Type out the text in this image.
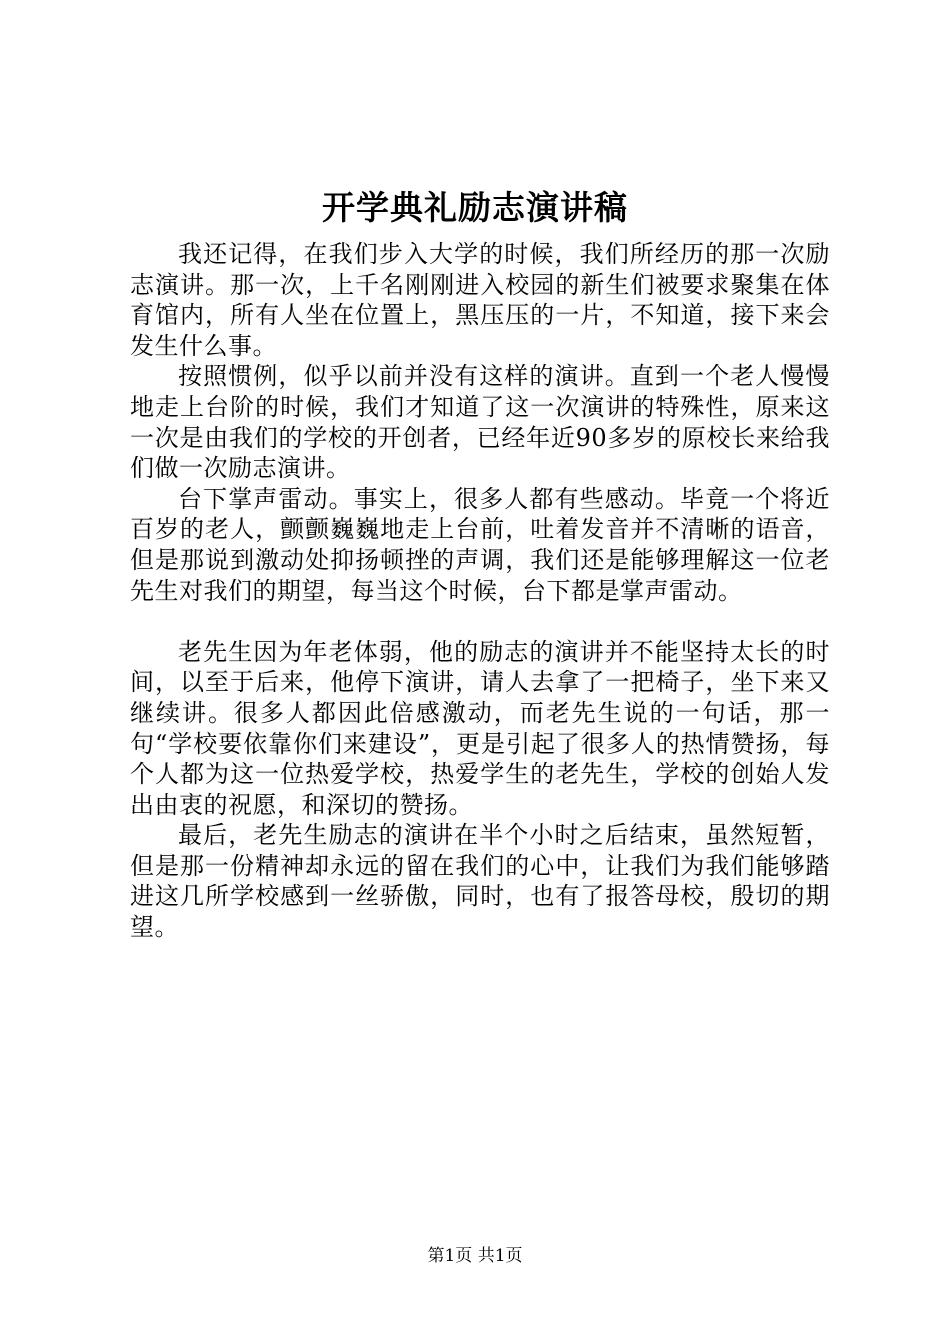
开学典礼励志演讲稿

我还记得，在我们步入大学的时候，我们所经历的那一次励志演讲。那一次，上千名刚刚进入校园的新生们被要求聚集在体育馆内，所有人坐在位置上，黑压压的一片，不知道，接下来会发生什么事。

按照惯例，似乎以前并没有这样的演讲。直到一个老人慢慢地走上台阶的时候，我们才知道了这一次演讲的特殊性，原来这一次是由我们的学校的开创者，已经年近90多岁的原校长来给我们做一次励志演讲。

台下掌声雷动。事实上，很多人都有些感动。毕竟一个将近百岁的老人，颤颤巍巍地走上台前，吐着发音并不清晰的语音，但是那说到激动处抑扬顿挫的声调，我们还是能够理解这一位老先生对我们的期望，每当这个时候，台下都是掌声雷动。

老先生因为年老体弱，他的励志的演讲并不能坚持太长的时间，以至于后来，他停下演讲，请人去拿了一把椅子，坐下来又继续讲。很多人都因此倍感激动，而老先生说的一句话，那一句“学校要依靠你们来建设”，更是引起了很多人的热情赞扬，每个人都为这一位热爱学校，热爱学生的老先生，学校的创始人发出由衷的祝愿，和深切的赞扬。

最后，老先生励志的演讲在半个小时之后结束，虽然短暂，但是那一份精神却永远的留在我们的心中，让我们为我们能够踏进这几所学校感到一丝骄傲，同时，也有了报答母校，殷切的期望。

第1页 共1页
